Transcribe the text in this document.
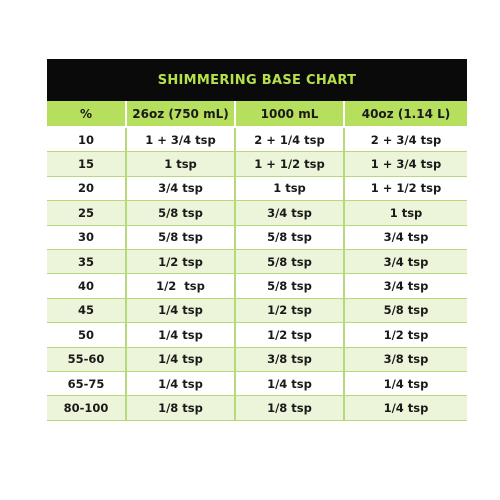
SHIMMERING BASE CHART
%	26oz (750 mL)	1000 mL	40oz (1.14 L)
10	1 + 3/4 tsp	2 + 1/4 tsp	2 + 3/4 tsp
15	1 tsp	1 + 1/2 tsp	1 + 3/4 tsp
20	3/4 tsp	1 tsp	1 + 1/2 tsp
25	5/8 tsp	3/4 tsp	1 tsp
30	5/8 tsp	5/8 tsp	3/4 tsp
35	1/2 tsp	5/8 tsp	3/4 tsp
40	1/2  tsp	5/8 tsp	3/4 tsp
45	1/4 tsp	1/2 tsp	5/8 tsp
50	1/4 tsp	1/2 tsp	1/2 tsp
55-60	1/4 tsp	3/8 tsp	3/8 tsp
65-75	1/4 tsp	1/4 tsp	1/4 tsp
80-100	1/8 tsp	1/8 tsp	1/4 tsp
